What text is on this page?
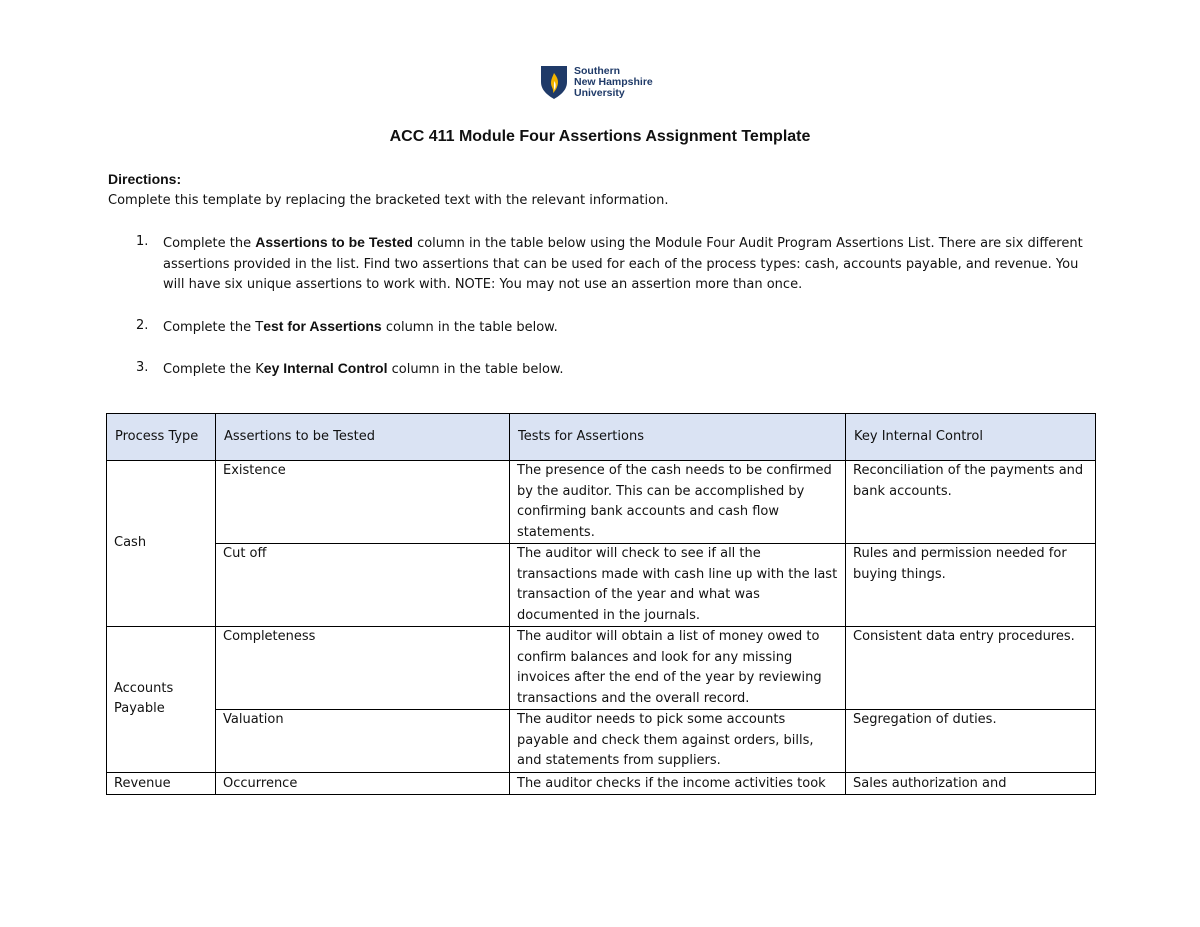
Southern
New Hampshire
University
ACC 411 Module Four Assertions Assignment Template
Directions:
Complete this template by replacing the bracketed text with the relevant information.
1.	Complete the Assertions to be Tested column in the table below using the Module Four Audit Program Assertions List. There are six different assertions provided in the list. Find two assertions that can be used for each of the process types: cash, accounts payable, and revenue. You will have six unique assertions to work with. NOTE: You may not use an assertion more than once.
2.	Complete the Test for Assertions column in the table below.
3.	Complete the Key Internal Control column in the table below.
Process Type	Assertions to be Tested	Tests for Assertions	Key Internal Control
Cash	Existence	The presence of the cash needs to be confirmed by the auditor. This can be accomplished by confirming bank accounts and cash flow statements.	Reconciliation of the payments and bank accounts.
	Cut off	The auditor will check to see if all the transactions made with cash line up with the last transaction of the year and what was documented in the journals.	Rules and permission needed for buying things.
Accounts Payable	Completeness	The auditor will obtain a list of money owed to confirm balances and look for any missing invoices after the end of the year by reviewing transactions and the overall record.	Consistent data entry procedures.
	Valuation	The auditor needs to pick some accounts payable and check them against orders, bills, and statements from suppliers.	Segregation of duties.
Revenue	Occurrence	The auditor checks if the income activities took	Sales authorization and
